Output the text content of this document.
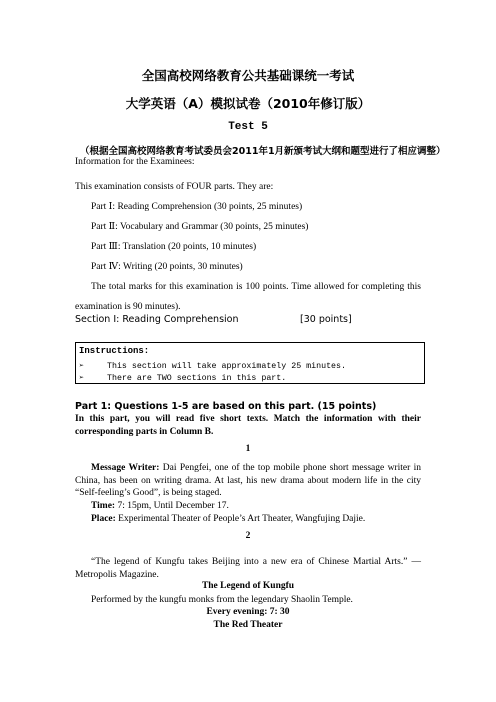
全国高校网络教育公共基础课统一考试
大学英语（A）模拟试卷（2010年修订版）
Test 5
（根据全国高校网络教育考试委员会2011年1月新颁考试大纲和题型进行了相应调整）
Information for the Examinees:
This examination consists of FOUR parts. They are:
Part Ⅰ: Reading Comprehension (30 points, 25 minutes)
Part Ⅱ: Vocabulary and Grammar (30 points, 25 minutes)
Part Ⅲ: Translation (20 points, 10 minutes)
Part Ⅳ: Writing (20 points, 30 minutes)
The total marks for this examination is 100 points. Time allowed for completing this
examination is 90 minutes).
Section I: Reading Comprehension	[30 points]
Instructions:
➢	This section will take approximately 25 minutes.
➢	There are TWO sections in this part.
Part 1: Questions 1-5 are based on this part. (15 points)
In this part, you will read five short texts. Match the information with their corresponding parts in Column B.
1
Message Writer: Dai Pengfei, one of the top mobile phone short message writer in China, has been on writing drama. At last, his new drama about modern life in the city “Self-feeling’s Good”, is being staged.
Time: 7: 15pm, Until December 17.
Place: Experimental Theater of People’s Art Theater, Wangfujing Dajie.
2
“The legend of Kungfu takes Beijing into a new era of Chinese Martial Arts.” — Metropolis Magazine.
The Legend of Kungfu
Performed by the kungfu monks from the legendary Shaolin Temple.
Every evening: 7: 30
The Red Theater
